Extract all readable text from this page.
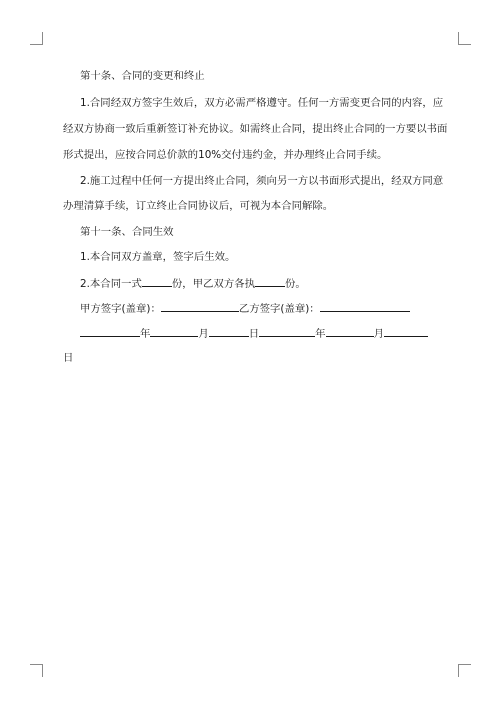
第十条、合同的变更和终止
1.合同经双方签字生效后，双方必需严格遵守。任何一方需变更合同的内容，应
经双方协商一致后重新签订补充协议。如需终止合同，提出终止合同的一方要以书面
形式提出，应按合同总价款的10%交付违约金，并办理终止合同手续。
2.施工过程中任何一方提出终止合同，须向另一方以书面形式提出，经双方同意
办理清算手续，订立终止合同协议后，可视为本合同解除。
第十一条、合同生效
1.本合同双方盖章，签字后生效。
2.本合同一式	份，甲乙双方各执	份。
甲方签字(盖章)：	乙方签字(盖章)：
年	月	日	年	月
日
